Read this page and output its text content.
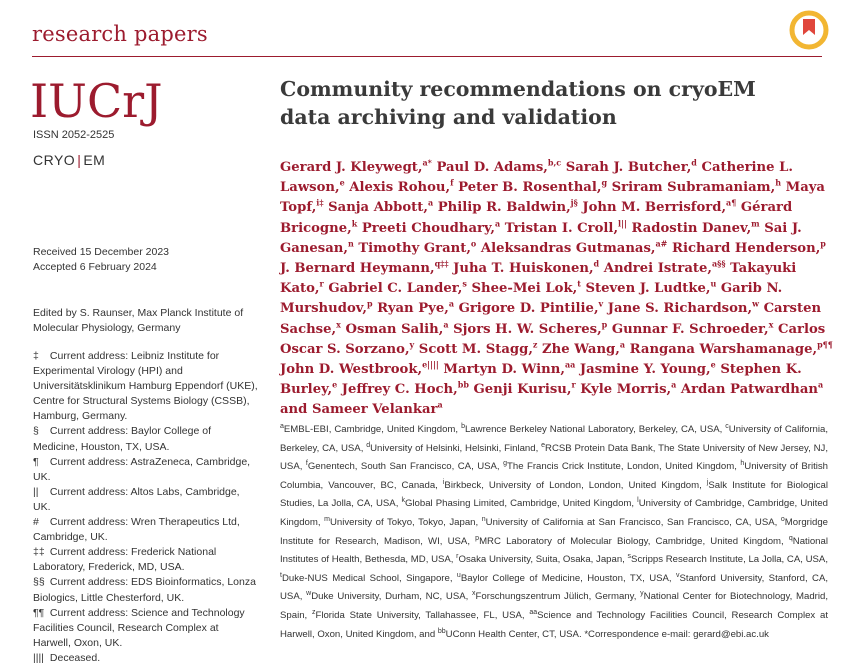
research papers
IUCrJ
ISSN 2052-2525
CRYO | EM
Received 15 December 2023
Accepted 6 February 2024
Edited by S. Raunser, Max Planck Institute of Molecular Physiology, Germany
‡ Current address: Leibniz Institute for Experimental Virology (HPI) and Universitätsklinikum Hamburg Eppendorf (UKE), Centre for Structural Systems Biology (CSSB), Hamburg, Germany.
§ Current address: Baylor College of Medicine, Houston, TX, USA.
¶ Current address: AstraZeneca, Cambridge, UK.
|| Current address: Altos Labs, Cambridge, UK.
# Current address: Wren Therapeutics Ltd, Cambridge, UK.
‡‡ Current address: Frederick National Laboratory, Frederick, MD, USA.
§§ Current address: EDS Bioinformatics, Lonza Biologics, Little Chesterford, UK.
¶¶ Current address: Science and Technology Facilities Council, Research Complex at Harwell, Oxon, UK.
|||| Deceased.
Community recommendations on cryoEM data archiving and validation
Gerard J. Kleywegt,$^{a*}$ Paul D. Adams,$^{b,c}$ Sarah J. Butcher,$^d$ Catherine L. Lawson,$^e$ Alexis Rohou,$^f$ Peter B. Rosenthal,$^g$ Sriram Subramaniam,$^h$ Maya Topf,$^{i\ddagger}$ Sanja Abbott,$^a$ Philip R. Baldwin,$^{j\S}$ John M. Berrisford,$^{a\P}$ Gérard Bricogne,$^k$ Preeti Choudhary,$^a$ Tristan I. Croll,$^{l||}$ Radostin Danev,$^m$ Sai J. Ganesan,$^n$ Timothy Grant,$^o$ Aleksandras Gutmanas,$^{a\#}$ Richard Henderson,$^p$ J. Bernard Heymann,$^{q\ddagger\ddagger}$ Juha T. Huiskonen,$^d$ Andrei Istrate,$^{a\S\S}$ Takayuki Kato,$^r$ Gabriel C. Lander,$^s$ Shee-Mei Lok,$^t$ Steven J. Ludtke,$^u$ Garib N. Murshudov,$^p$ Ryan Pye,$^a$ Grigore D. Pintilie,$^v$ Jane S. Richardson,$^w$ Carsten Sachse,$^x$ Osman Salih,$^a$ Sjors H. W. Scheres,$^p$ Gunnar F. Schroeder,$^x$ Carlos Oscar S. Sorzano,$^y$ Scott M. Stagg,$^z$ Zhe Wang,$^a$ Rangana Warshamanage,$^{p\P\P}$ John D. Westbrook,$^{e||||}$ Martyn D. Winn,$^{aa}$ Jasmine Y. Young,$^e$ Stephen K. Burley,$^e$ Jeffrey C. Hoch,$^{bb}$ Genji Kurisu,$^r$ Kyle Morris,$^a$ Ardan Patwardhan$^a$ and Sameer Velankar$^a$
$^a$EMBL-EBI, Cambridge, United Kingdom, $^b$Lawrence Berkeley National Laboratory, Berkeley, CA, USA, $^c$University of California, Berkeley, CA, USA, $^d$University of Helsinki, Helsinki, Finland, $^e$RCSB Protein Data Bank, The State University of New Jersey, NJ, USA, $^f$Genentech, South San Francisco, CA, USA, $^g$The Francis Crick Institute, London, United Kingdom, $^h$University of British Columbia, Vancouver, BC, Canada, $^i$Birkbeck, University of London, London, United Kingdom, $^j$Salk Institute for Biological Studies, La Jolla, CA, USA, $^k$Global Phasing Limited, Cambridge, United Kingdom, $^l$University of Cambridge, Cambridge, United Kingdom, $^m$University of Tokyo, Tokyo, Japan, $^n$University of California at San Francisco, San Francisco, CA, USA, $^o$Morgridge Institute for Research, Madison, WI, USA, $^p$MRC Laboratory of Molecular Biology, Cambridge, United Kingdom, $^q$National Institutes of Health, Bethesda, MD, USA, $^r$Osaka University, Suita, Osaka, Japan, $^s$Scripps Research Institute, La Jolla, CA, USA, $^t$Duke-NUS Medical School, Singapore, $^u$Baylor College of Medicine, Houston, TX, USA, $^v$Stanford University, Stanford, CA, USA, $^w$Duke University, Durham, NC, USA, $^x$Forschungszentrum Jülich, Germany, $^y$National Center for Biotechnology, Madrid, Spain, $^z$Florida State University, Tallahassee, FL, USA, $^{aa}$Science and Technology Facilities Council, Research Complex at Harwell, Oxon, United Kingdom, and $^{bb}$UConn Health Center, CT, USA. *Correspondence e-mail: gerard@ebi.ac.uk
